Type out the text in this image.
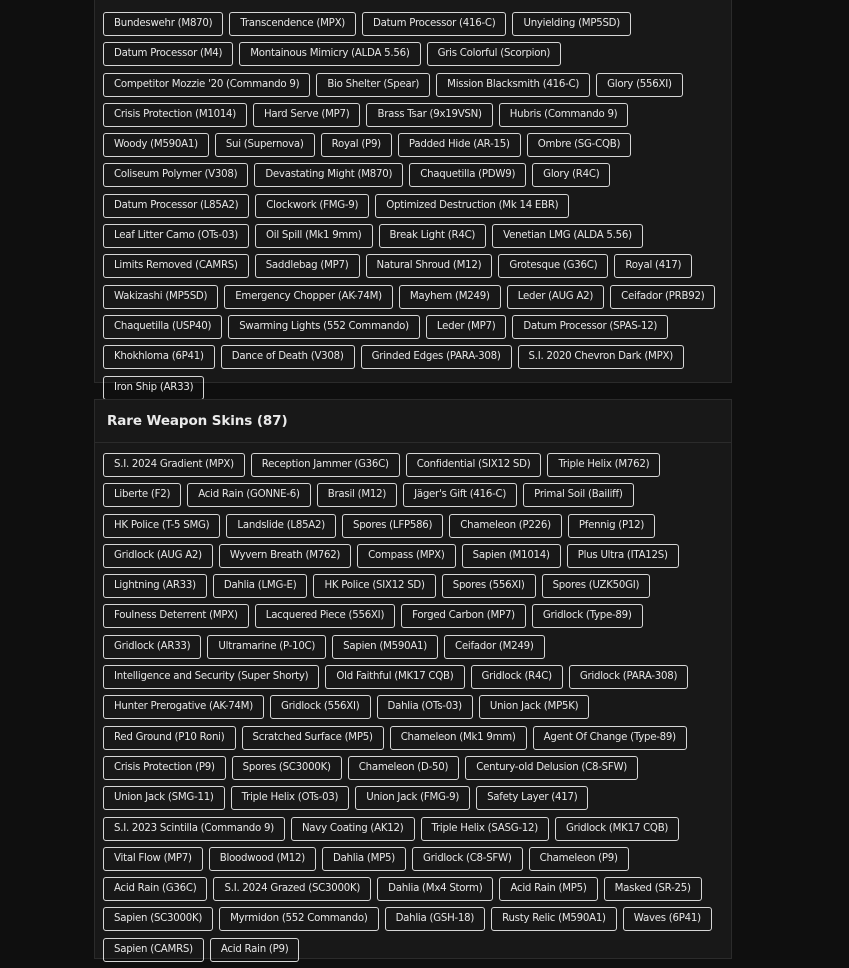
Bundeswehr (M870)	Transcendence (MPX)	Datum Processor (416-C)	Unyielding (MP5SD)
Datum Processor (M4)	Montainous Mimicry (ALDA 5.56)	Gris Colorful (Scorpion)
Competitor Mozzie '20 (Commando 9)	Bio Shelter (Spear)	Mission Blacksmith (416-C)	Glory (556XI)
Crisis Protection (M1014)	Hard Serve (MP7)	Brass Tsar (9x19VSN)	Hubris (Commando 9)
Woody (M590A1)	Sui (Supernova)	Royal (P9)	Padded Hide (AR-15)	Ombre (SG-CQB)
Coliseum Polymer (V308)	Devastating Might (M870)	Chaquetilla (PDW9)	Glory (R4C)
Datum Processor (L85A2)	Clockwork (FMG-9)	Optimized Destruction (Mk 14 EBR)
Leaf Litter Camo (OTs-03)	Oil Spill (Mk1 9mm)	Break Light (R4C)	Venetian LMG (ALDA 5.56)
Limits Removed (CAMRS)	Saddlebag (MP7)	Natural Shroud (M12)	Grotesque (G36C)	Royal (417)
Wakizashi (MP5SD)	Emergency Chopper (AK-74M)	Mayhem (M249)	Leder (AUG A2)	Ceifador (PRB92)
Chaquetilla (USP40)	Swarming Lights (552 Commando)	Leder (MP7)	Datum Processor (SPAS-12)
Khokhloma (6P41)	Dance of Death (V308)	Grinded Edges (PARA-308)	S.I. 2020 Chevron Dark (MPX)
Iron Ship (AR33)
Rare Weapon Skins (87)
S.I. 2024 Gradient (MPX)	Reception Jammer (G36C)	Confidential (SIX12 SD)	Triple Helix (M762)
Liberte (F2)	Acid Rain (GONNE-6)	Brasil (M12)	Jäger's Gift (416-C)	Primal Soil (Bailiff)
HK Police (T-5 SMG)	Landslide (L85A2)	Spores (LFP586)	Chameleon (P226)	Pfennig (P12)
Gridlock (AUG A2)	Wyvern Breath (M762)	Compass (MPX)	Sapien (M1014)	Plus Ultra (ITA12S)
Lightning (AR33)	Dahlia (LMG-E)	HK Police (SIX12 SD)	Spores (556XI)	Spores (UZK50GI)
Foulness Deterrent (MPX)	Lacquered Piece (556XI)	Forged Carbon (MP7)	Gridlock (Type-89)
Gridlock (AR33)	Ultramarine (P-10C)	Sapien (M590A1)	Ceifador (M249)
Intelligence and Security (Super Shorty)	Old Faithful (MK17 CQB)	Gridlock (R4C)	Gridlock (PARA-308)
Hunter Prerogative (AK-74M)	Gridlock (556XI)	Dahlia (OTs-03)	Union Jack (MP5K)
Red Ground (P10 Roni)	Scratched Surface (MP5)	Chameleon (Mk1 9mm)	Agent Of Change (Type-89)
Crisis Protection (P9)	Spores (SC3000K)	Chameleon (D-50)	Century-old Delusion (C8-SFW)
Union Jack (SMG-11)	Triple Helix (OTs-03)	Union Jack (FMG-9)	Safety Layer (417)
S.I. 2023 Scintilla (Commando 9)	Navy Coating (AK12)	Triple Helix (SASG-12)	Gridlock (MK17 CQB)
Vital Flow (MP7)	Bloodwood (M12)	Dahlia (MP5)	Gridlock (C8-SFW)	Chameleon (P9)
Acid Rain (G36C)	S.I. 2024 Grazed (SC3000K)	Dahlia (Mx4 Storm)	Acid Rain (MP5)	Masked (SR-25)
Sapien (SC3000K)	Myrmidon (552 Commando)	Dahlia (GSH-18)	Rusty Relic (M590A1)	Waves (6P41)
Sapien (CAMRS)	Acid Rain (P9)
